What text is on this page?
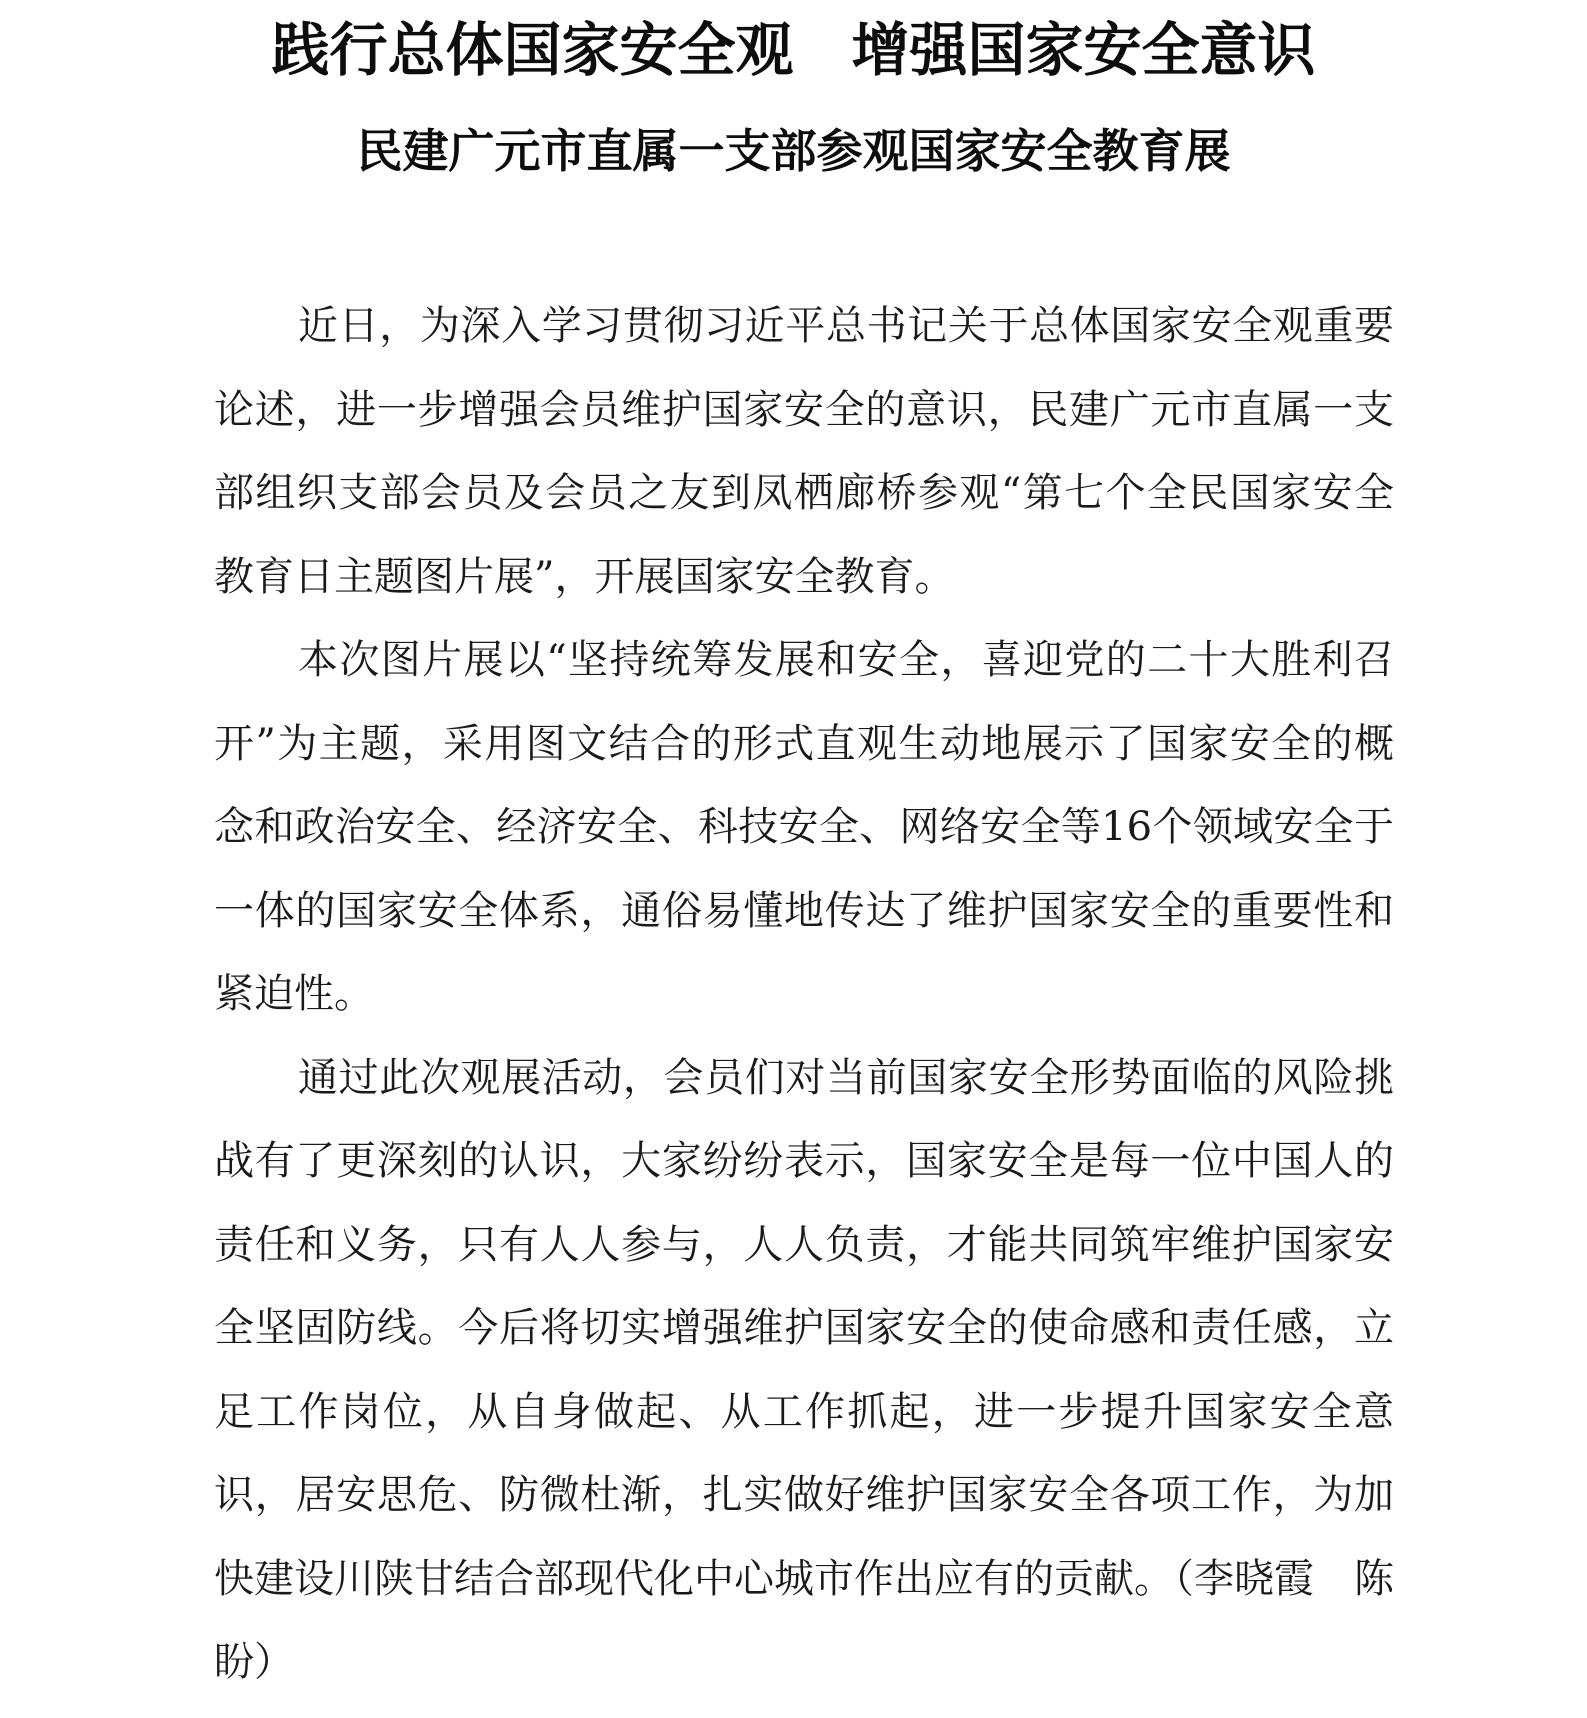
践行总体国家安全观　增强国家安全意识
民建广元市直属一支部参观国家安全教育展

近日，为深入学习贯彻习近平总书记关于总体国家安全观重要论述，进一步增强会员维护国家安全的意识，民建广元市直属一支部组织支部会员及会员之友到凤栖廊桥参观“第七个全民国家安全教育日主题图片展”，开展国家安全教育。

本次图片展以“坚持统筹发展和安全，喜迎党的二十大胜利召开”为主题，采用图文结合的形式直观生动地展示了国家安全的概念和政治安全、经济安全、科技安全、网络安全等16个领域安全于一体的国家安全体系，通俗易懂地传达了维护国家安全的重要性和紧迫性。

通过此次观展活动，会员们对当前国家安全形势面临的风险挑战有了更深刻的认识，大家纷纷表示，国家安全是每一位中国人的责任和义务，只有人人参与，人人负责，才能共同筑牢维护国家安全坚固防线。今后将切实增强维护国家安全的使命感和责任感，立足工作岗位，从自身做起、从工作抓起，进一步提升国家安全意识，居安思危、防微杜渐，扎实做好维护国家安全各项工作，为加快建设川陕甘结合部现代化中心城市作出应有的贡献。（李晓霞　陈盼）
